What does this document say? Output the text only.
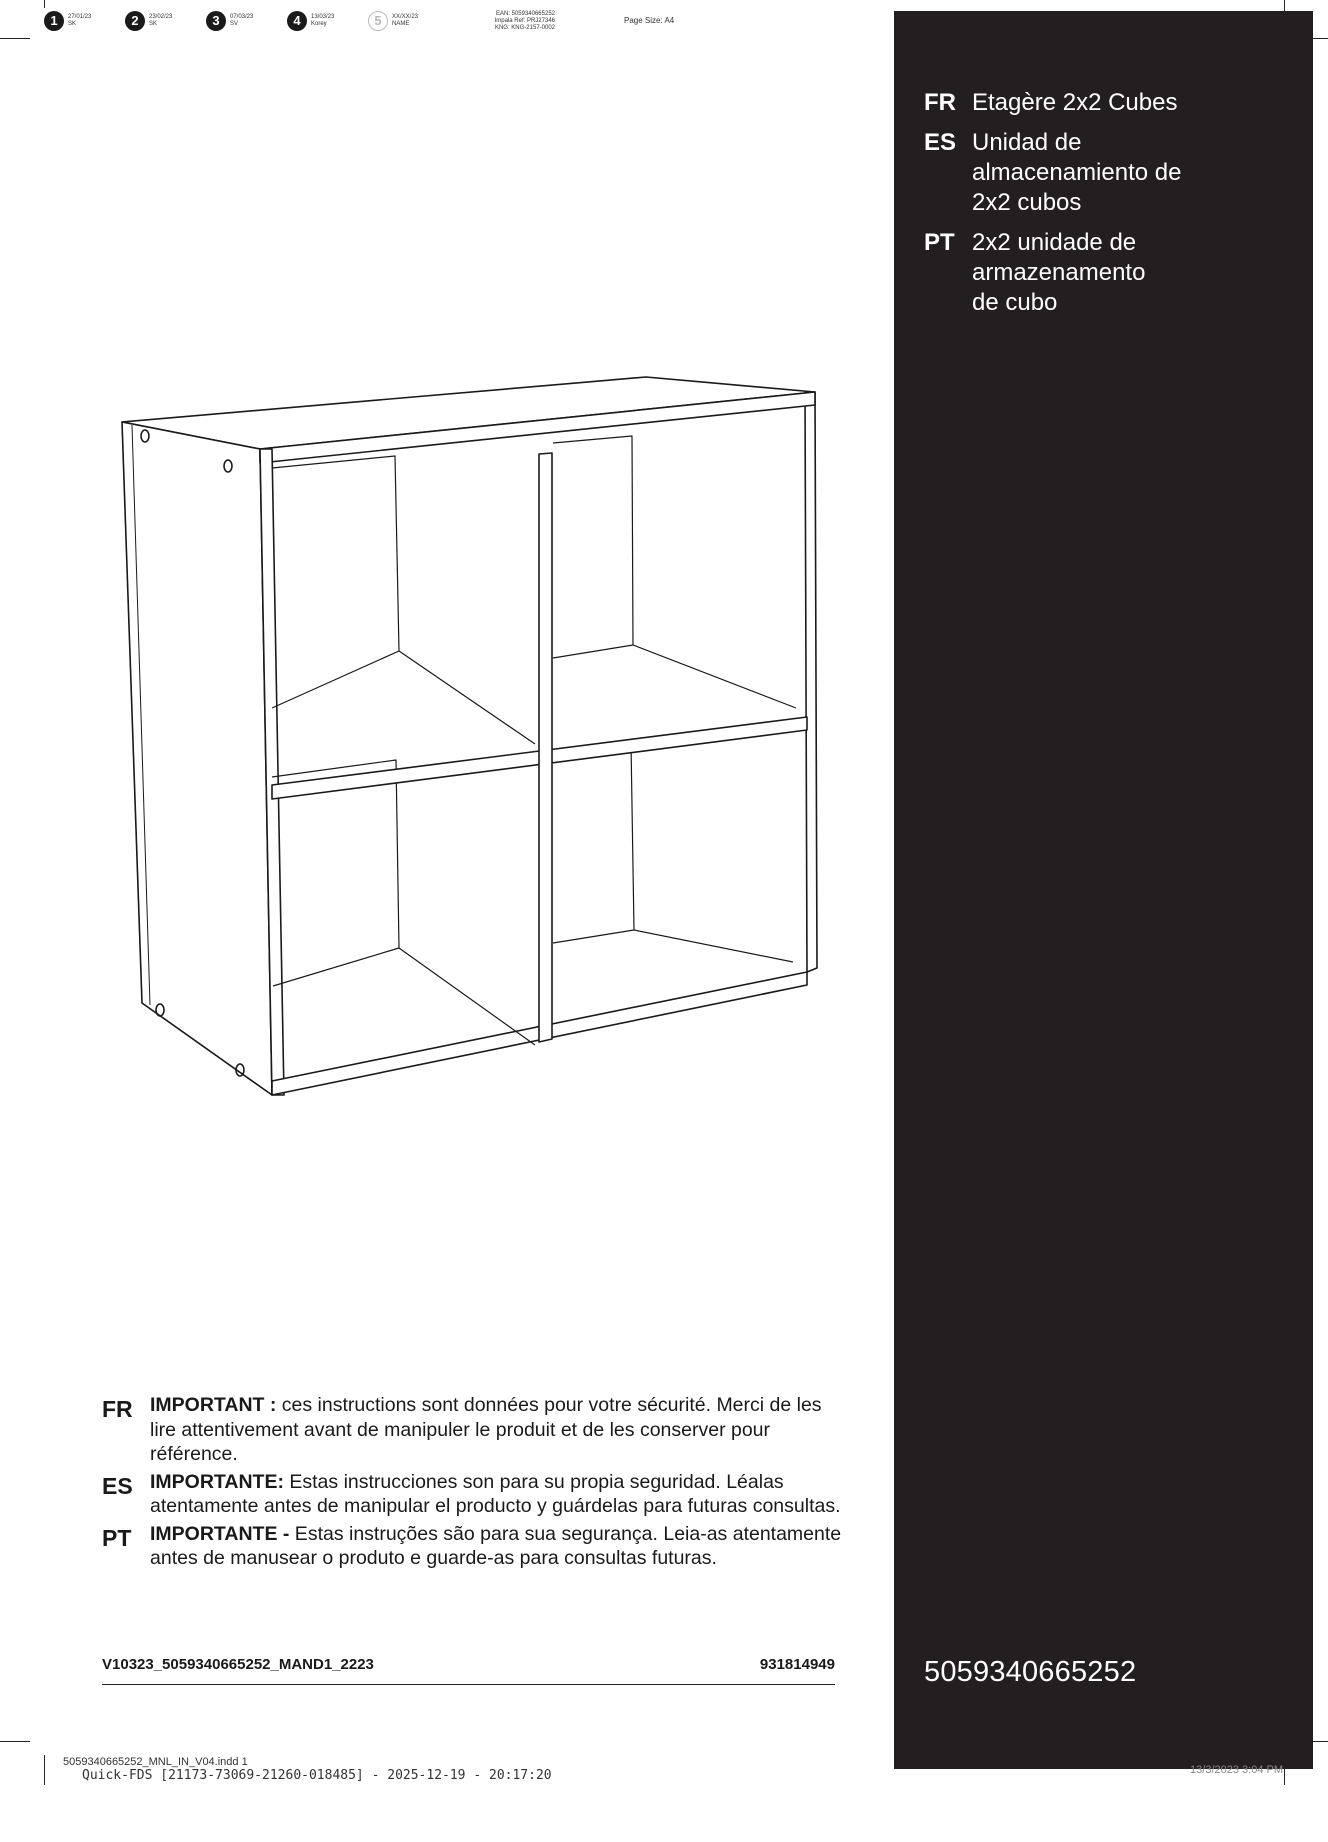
1	27/01/23
SK	2	23/02/23
SK	3	07/03/23
SV	4	13/03/23
Korey	5	XX/XX/23
NAME
EAN: 5059340665252
Impala Ref: PRJ27346
KNG: KNG-2157-0002
Page Size: A4
FR Etagère 2x2 Cubes
ES Unidad de
almacenamiento de
2x2 cubos
PT 2x2 unidade de
armazenamento
de cubo
5059340665252
13/3/2023 3:04 PM
FR IMPORTANT : ces instructions sont données pour votre sécurité. Merci de les lire attentivement avant de manipuler le produit et de les conserver pour référence.
ES IMPORTANTE: Estas instrucciones son para su propia seguridad. Léalas atentamente antes de manipular el producto y guárdelas para futuras consultas.
PT IMPORTANTE - Estas instruções são para sua segurança. Leia-as atentamente antes de manusear o produto e guarde-as para consultas futuras.
V10323_5059340665252_MAND1_2223	931814949
5059340665252_MNL_IN_V04.indd 1
Quick-FDS [21173-73069-21260-018485] - 2025-12-19 - 20:17:20
